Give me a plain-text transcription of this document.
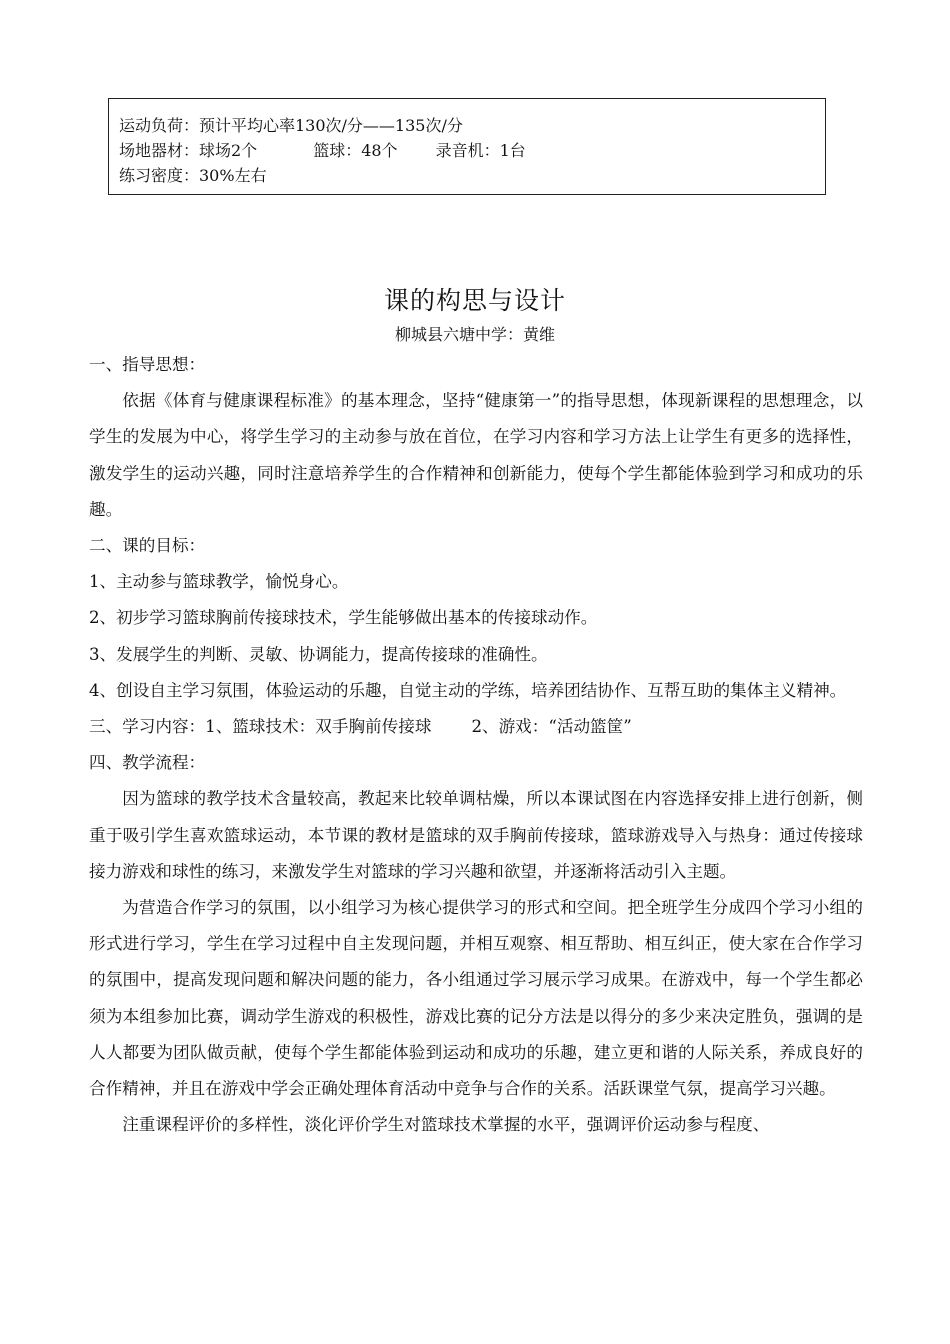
运动负荷：预计平均心率130次/分——135次/分
场地器材：球场2个	篮球：48个 录音机：1台
练习密度：30%左右
课的构思与设计
柳城县六塘中学：黄维

一、指导思想：

依据《体育与健康课程标准》的基本理念，坚持“健康第一”的指导思想，体现新课程的思想理念，以学生的发展为中心，将学生学习的主动参与放在首位，在学习内容和学习方法上让学生有更多的选择性，激发学生的运动兴趣，同时注意培养学生的合作精神和创新能力，使每个学生都能体验到学习和成功的乐趣。

二、课的目标：

1、主动参与篮球教学，愉悦身心。

2、初步学习篮球胸前传接球技术，学生能够做出基本的传接球动作。

3、发展学生的判断、灵敏、协调能力，提高传接球的准确性。

4、创设自主学习氛围，体验运动的乐趣，自觉主动的学练，培养团结协作、互帮互助的集体主义精神。

三、学习内容：1、篮球技术：双手胸前传接球 2、游戏：“活动篮筐”

四、教学流程：

因为篮球的教学技术含量较高，教起来比较单调枯燥，所以本课试图在内容选择安排上进行创新，侧重于吸引学生喜欢篮球运动，本节课的教材是篮球的双手胸前传接球，篮球游戏导入与热身：通过传接球接力游戏和球性的练习，来激发学生对篮球的学习兴趣和欲望，并逐渐将活动引入主题。

为营造合作学习的氛围，以小组学习为核心提供学习的形式和空间。把全班学生分成四个学习小组的形式进行学习，学生在学习过程中自主发现问题，并相互观察、相互帮助、相互纠正，使大家在合作学习的氛围中，提高发现问题和解决问题的能力，各小组通过学习展示学习成果。在游戏中，每一个学生都必须为本组参加比赛，调动学生游戏的积极性，游戏比赛的记分方法是以得分的多少来决定胜负，强调的是人人都要为团队做贡献，使每个学生都能体验到运动和成功的乐趣，建立更和谐的人际关系，养成良好的合作精神，并且在游戏中学会正确处理体育活动中竞争与合作的关系。活跃课堂气氛，提高学习兴趣。

注重课程评价的多样性，淡化评价学生对篮球技术掌握的水平，强调评价运动参与程度、
